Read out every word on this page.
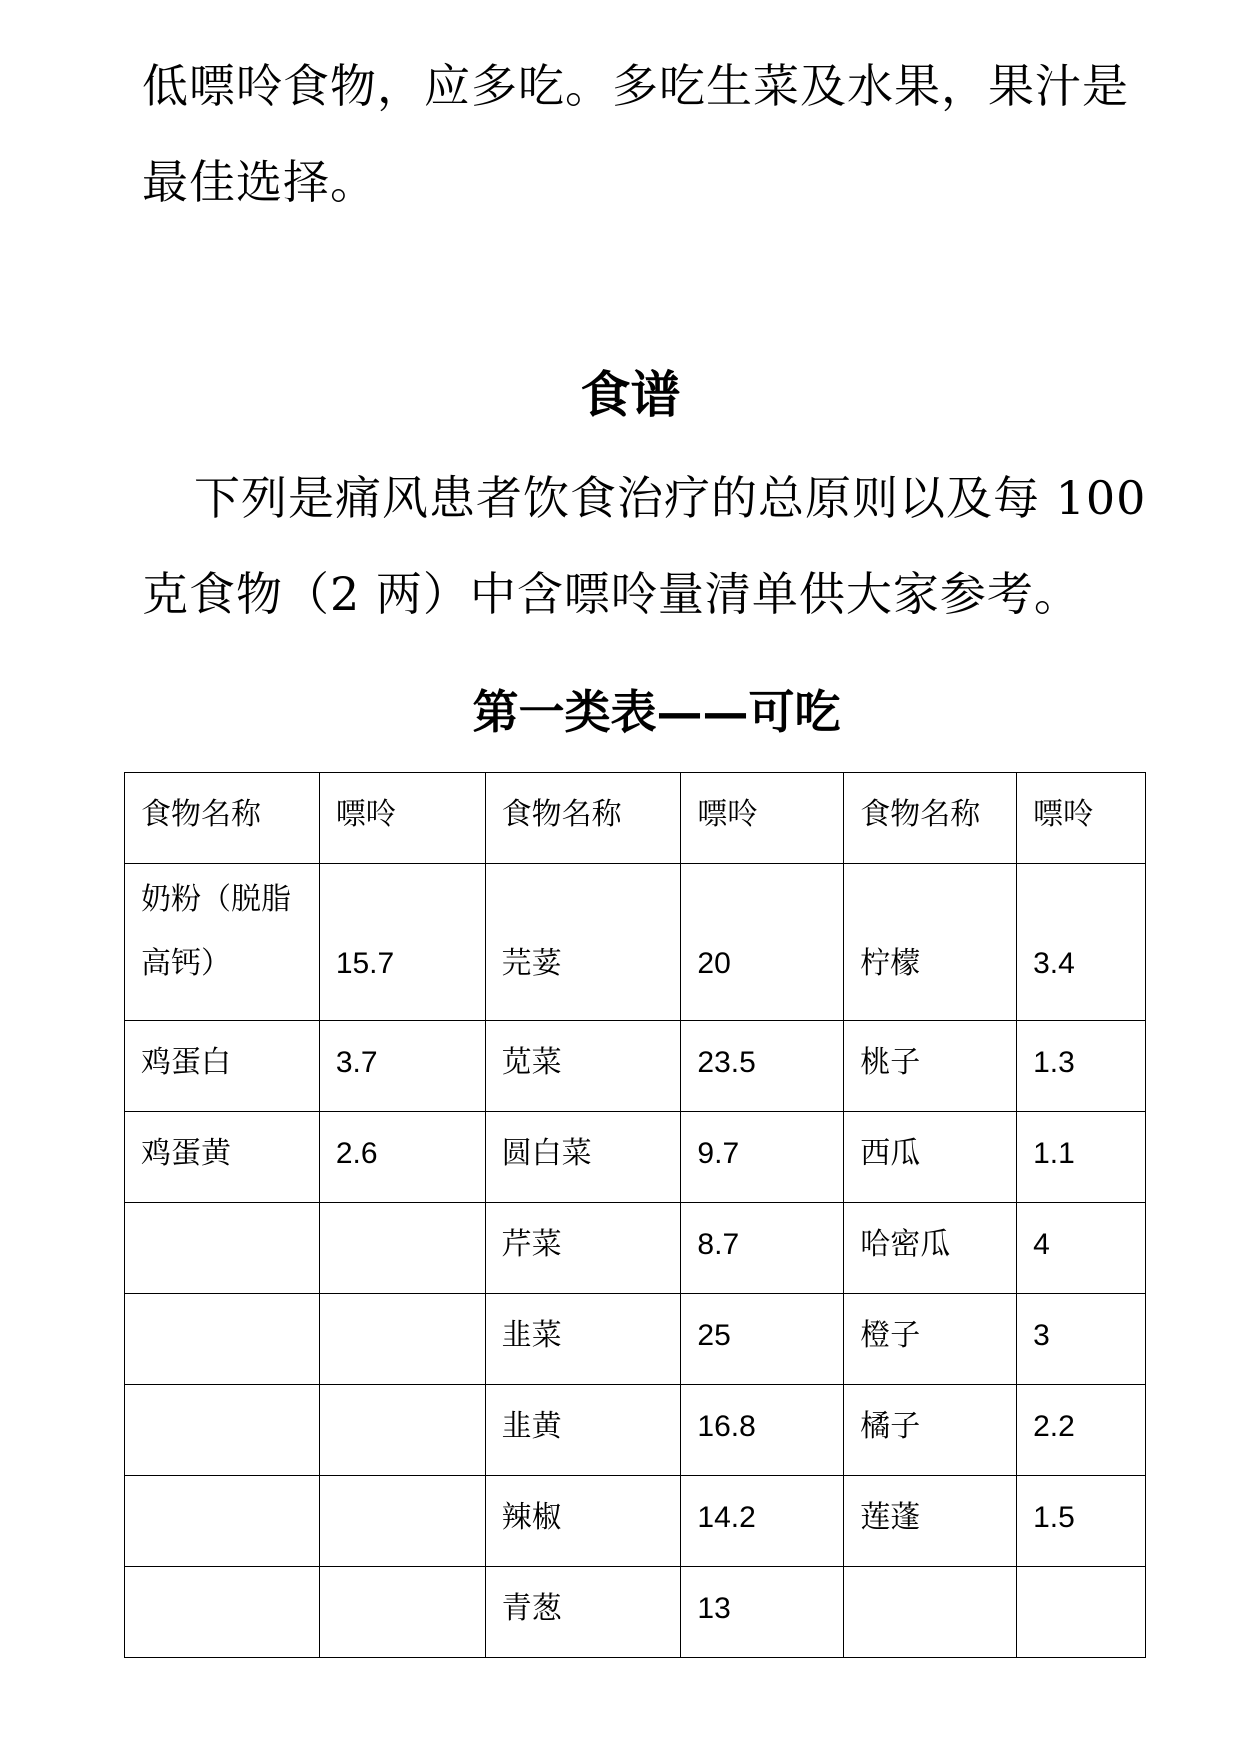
低嘌呤食物，应多吃。多吃生菜及水果，果汁是最佳选择。

食谱

下列是痛风患者饮食治疗的总原则以及每 100 克食物（2 两）中含嘌呤量清单供大家参考。

第一类表——可吃
食物名称	嘌呤	食物名称	嘌呤	食物名称	嘌呤
奶粉（脱脂高钙）	15.7	芫荽	20	柠檬	3.4
鸡蛋白	3.7	苋菜	23.5	桃子	1.3
鸡蛋黄	2.6	圆白菜	9.7	西瓜	1.1
		芹菜	8.7	哈密瓜	4
		韭菜	25	橙子	3
		韭黄	16.8	橘子	2.2
		辣椒	14.2	莲蓬	1.5
		青葱	13		
